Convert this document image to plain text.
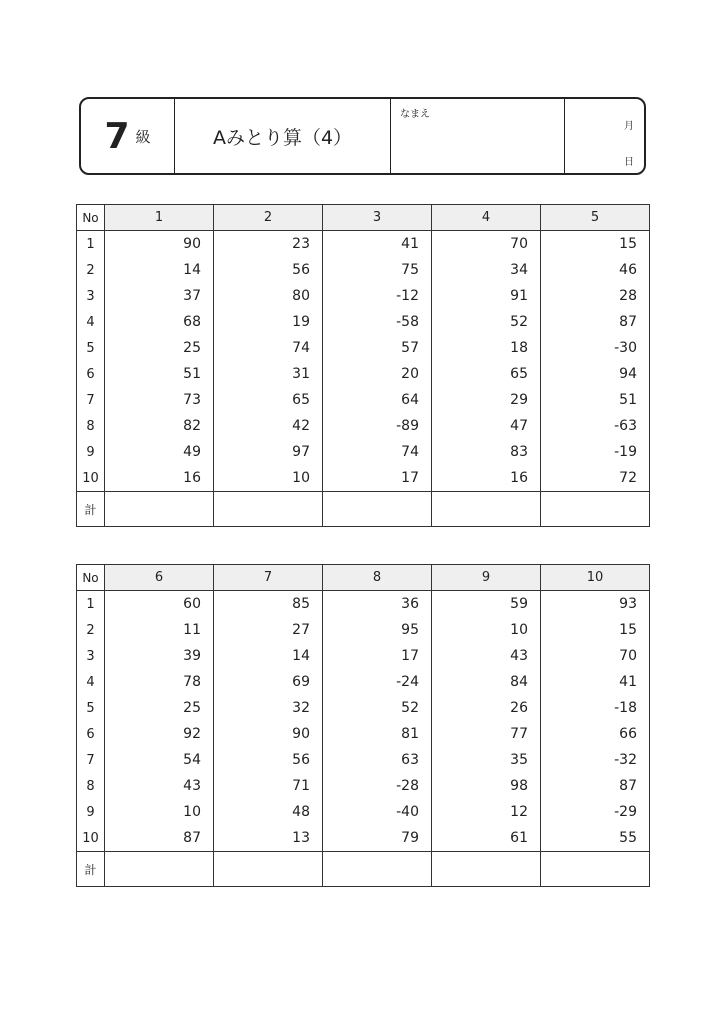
7 級	Aみとり算（4）
なまえ
月
日
No	1	2	3	4	5
1	90	23	41	70	15
2	14	56	75	34	46
3	37	80	-12	91	28
4	68	19	-58	52	87
5	25	74	57	18	-30
6	51	31	20	65	94
7	73	65	64	29	51
8	82	42	-89	47	-63
9	49	97	74	83	-19
10	16	10	17	16	72
計					
No	6	7	8	9	10
1	60	85	36	59	93
2	11	27	95	10	15
3	39	14	17	43	70
4	78	69	-24	84	41
5	25	32	52	26	-18
6	92	90	81	77	66
7	54	56	63	35	-32
8	43	71	-28	98	87
9	10	48	-40	12	-29
10	87	13	79	61	55
計					
